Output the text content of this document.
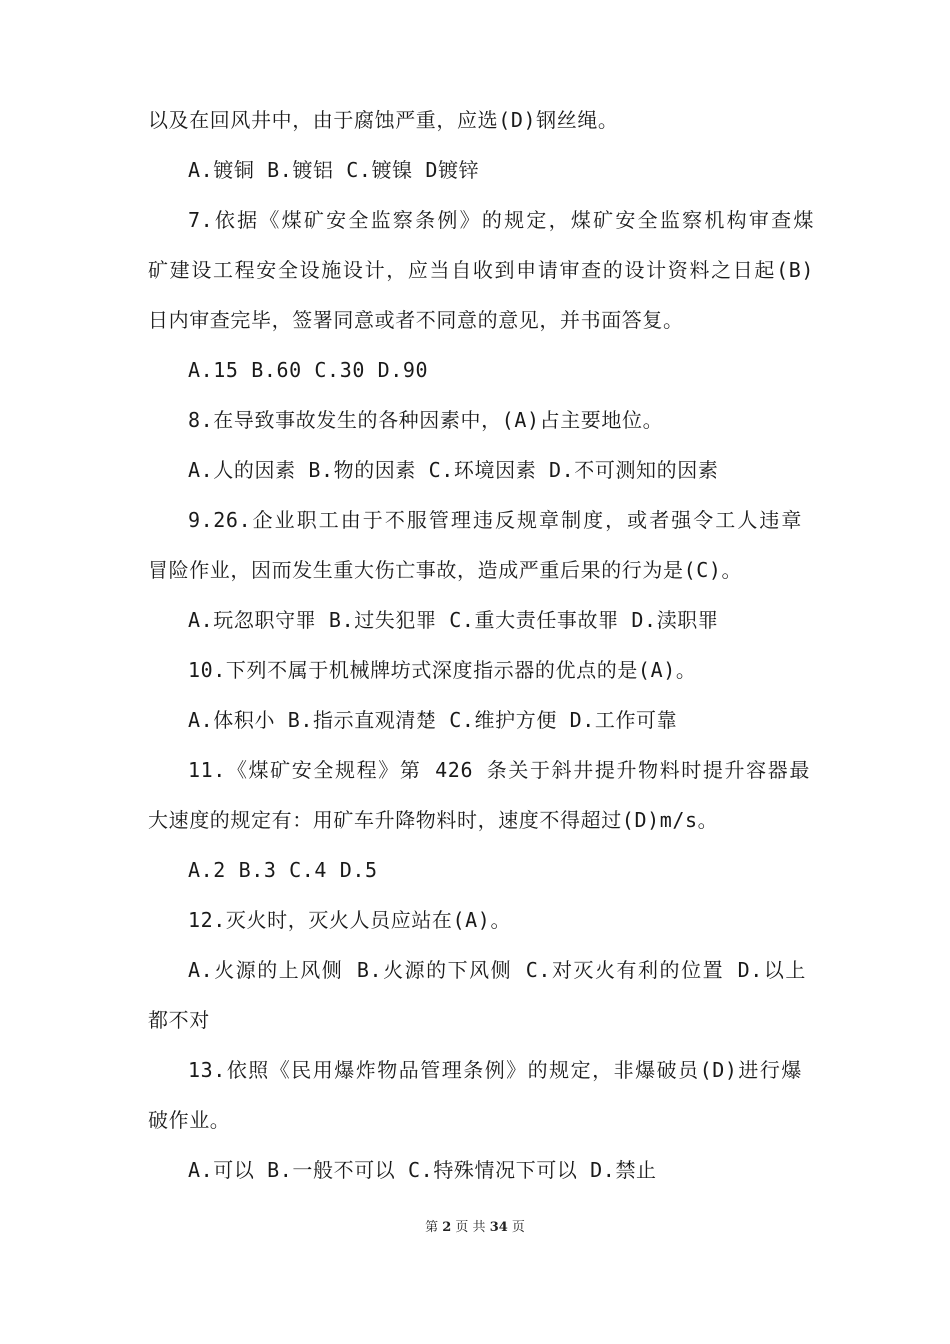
以及在回风井中，由于腐蚀严重，应选(D)钢丝绳。
A.镀铜 B.镀铝 C.镀镍 D镀锌
7.依据《煤矿安全监察条例》的规定，煤矿安全监察机构审查煤
矿建设工程安全设施设计，应当自收到申请审查的设计资料之日起(B)
日内审查完毕，签署同意或者不同意的意见，并书面答复。
A.15 B.60 C.30 D.90
8.在导致事故发生的各种因素中，(A)占主要地位。
A.人的因素 B.物的因素 C.环境因素 D.不可测知的因素
9.26.企业职工由于不服管理违反规章制度，或者强令工人违章
冒险作业，因而发生重大伤亡事故，造成严重后果的行为是(C)。
A.玩忽职守罪 B.过失犯罪 C.重大责任事故罪 D.渎职罪
10.下列不属于机械牌坊式深度指示器的优点的是(A)。
A.体积小 B.指示直观清楚 C.维护方便 D.工作可靠
11.《煤矿安全规程》第 426 条关于斜井提升物料时提升容器最
大速度的规定有：用矿车升降物料时，速度不得超过(D)m/s。
A.2 B.3 C.4 D.5
12.灭火时，灭火人员应站在(A)。
A.火源的上风侧 B.火源的下风侧 C.对灭火有利的位置 D.以上
都不对
13.依照《民用爆炸物品管理条例》的规定，非爆破员(D)进行爆
破作业。
A.可以 B.一般不可以 C.特殊情况下可以 D.禁止
第 2 页 共 34 页
